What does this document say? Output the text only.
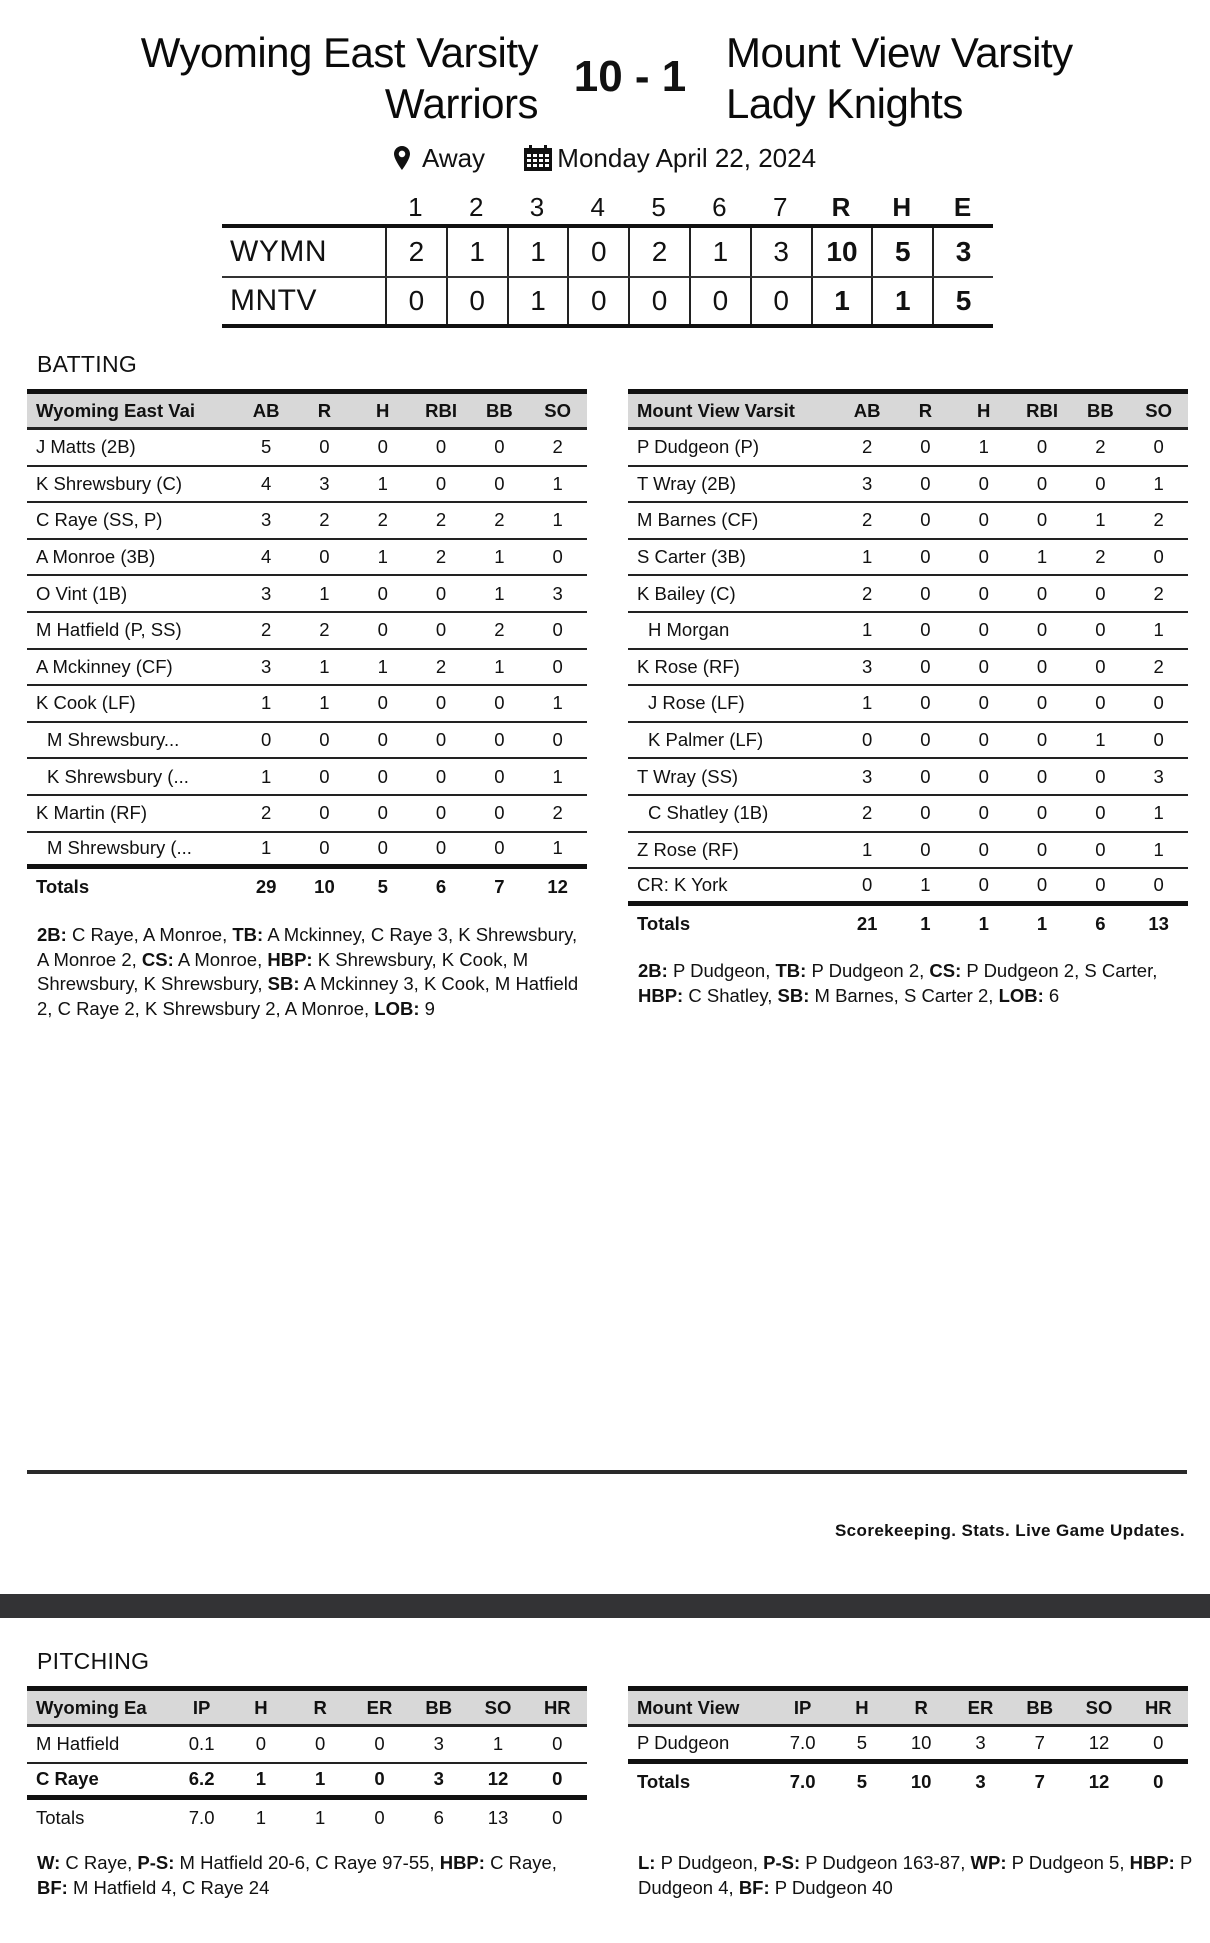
Wyoming East Varsity
Warriors
10 - 1 Mount View Varsity
Lady Knights
Away
	Monday April 22, 2024
1	2	3	4	5	6	7	R	H	E
WYMN	2	1	1	0	2	1	3	10	5	3
MNTV	0	0	1	0	0	0	0	1	1	5
BATTING
Wyoming East Vai	AB	R	H	RBI	BB	SO
J Matts (2B)	5	0	0	0	0	2
K Shrewsbury (C)	4	3	1	0	0	1
C Raye (SS, P)	3	2	2	2	2	1
A Monroe (3B)	4	0	1	2	1	0
O Vint (1B)	3	1	0	0	1	3
M Hatfield (P, SS)	2	2	0	0	2	0
A Mckinney (CF)	3	1	1	2	1	0
K Cook (LF)	1	1	0	0	0	1
M Shrewsbury...	0	0	0	0	0	0
K Shrewsbury (...	1	0	0	0	0	1
K Martin (RF)	2	0	0	0	0	2
M Shrewsbury (...	1	0	0	0	0	1
Totals	29	10	5	6	7	12
Mount View Varsit	AB	R	H	RBI	BB	SO
P Dudgeon (P)	2	0	1	0	2	0
T Wray (2B)	3	0	0	0	0	1
M Barnes (CF)	2	0	0	0	1	2
S Carter (3B)	1	0	0	1	2	0
K Bailey (C)	2	0	0	0	0	2
H Morgan	1	0	0	0	0	1
K Rose (RF)	3	0	0	0	0	2
J Rose (LF)	1	0	0	0	0	0
K Palmer (LF)	0	0	0	0	1	0
T Wray (SS)	3	0	0	0	0	3
C Shatley (1B)	2	0	0	0	0	1
Z Rose (RF)	1	0	0	0	0	1
CR: K York	0	1	0	0	0	0
Totals	21	1	1	1	6	13
2B: C Raye, A Monroe, TB: A Mckinney, C Raye 3, K Shrewsbury, A Monroe 2, CS: A Monroe, HBP: K Shrewsbury, K Cook, M Shrewsbury, K Shrewsbury, SB: A Mckinney 3, K Cook, M Hatfield 2, C Raye 2, K Shrewsbury 2, A Monroe, LOB: 9
2B: P Dudgeon, TB: P Dudgeon 2, CS: P Dudgeon 2, S Carter, HBP: C Shatley, SB: M Barnes, S Carter 2, LOB: 6
Scorekeeping. Stats. Live Game Updates.
PITCHING
Wyoming Ea	IP	H	R	ER	BB	SO	HR
M Hatfield	0.1	0	0	0	3	1	0
C Raye	6.2	1	1	0	3	12	0
Totals	7.0	1	1	0	6	13	0
Mount View	IP	H	R	ER	BB	SO	HR
P Dudgeon	7.0	5	10	3	7	12	0
Totals	7.0	5	10	3	7	12	0
W: C Raye, P-S: M Hatfield 20-6, C Raye 97-55, HBP: C Raye, BF: M Hatfield 4, C Raye 24
L: P Dudgeon, P-S: P Dudgeon 163-87, WP: P Dudgeon 5, HBP: P Dudgeon 4, BF: P Dudgeon 40
